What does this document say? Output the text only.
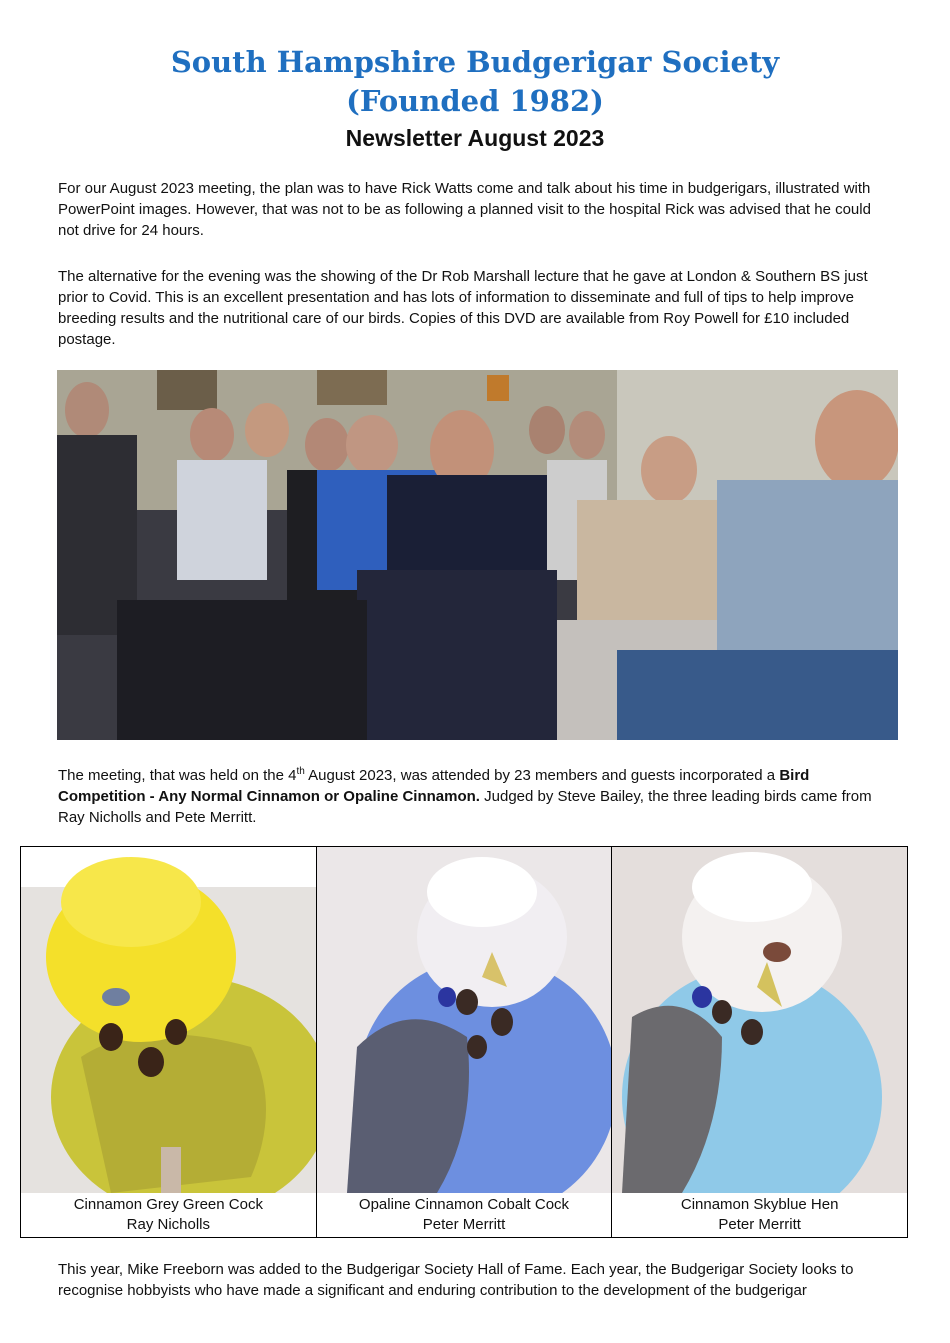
South Hampshire Budgerigar Society
(Founded 1982)
Newsletter August 2023
For our August 2023 meeting, the plan was to have Rick Watts come and talk about his time in budgerigars, illustrated with PowerPoint images. However, that was not to be as following a planned visit to the hospital Rick was advised that he could not drive for 24 hours.
The alternative for the evening was the showing of the Dr Rob Marshall lecture that he gave at London & Southern BS just prior to Covid. This is an excellent presentation and has lots of information to disseminate and full of tips to help improve breeding results and the nutritional care of our birds. Copies of this DVD are available from Roy Powell for £10 included postage.
The meeting, that was held on the 4th August 2023, was attended by 23 members and guests incorporated a Bird Competition - Any Normal Cinnamon or Opaline Cinnamon. Judged by Steve Bailey, the three leading birds came from Ray Nicholls and Pete Merritt.
Cinnamon Grey Green Cock
Ray Nicholls

Opaline Cinnamon Cobalt Cock
Peter Merritt

Cinnamon Skyblue Hen
Peter Merritt
This year, Mike Freeborn was added to the Budgerigar Society Hall of Fame. Each year, the Budgerigar Society looks to recognise hobbyists who have made a significant and enduring contribution to the development of the budgerigar
